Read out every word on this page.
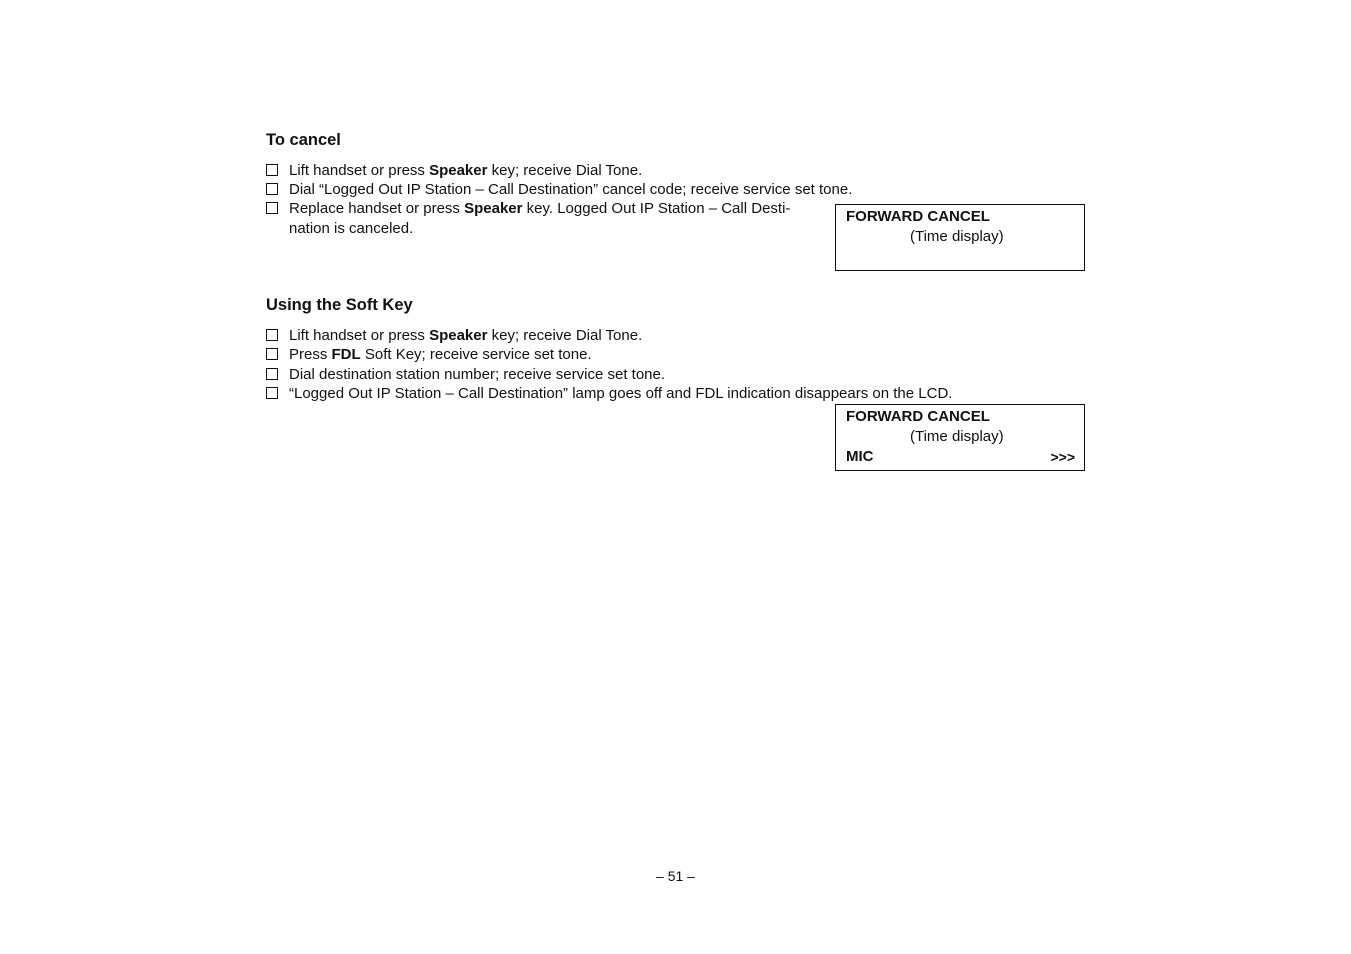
To cancel
Lift handset or press Speaker key; receive Dial Tone.
Dial “Logged Out IP Station – Call Destination” cancel code; receive service set tone.
Replace handset or press Speaker key. Logged Out IP Station – Call Desti-
nation is canceled.
FORWARD CANCEL
(Time display)
Using the Soft Key
Lift handset or press Speaker key; receive Dial Tone.
Press FDL Soft Key; receive service set tone.
Dial destination station number; receive service set tone.
“Logged Out IP Station – Call Destination” lamp goes off and FDL indication disappears on the LCD.
FORWARD CANCEL
(Time display)
MIC	>>>
– 51 –
